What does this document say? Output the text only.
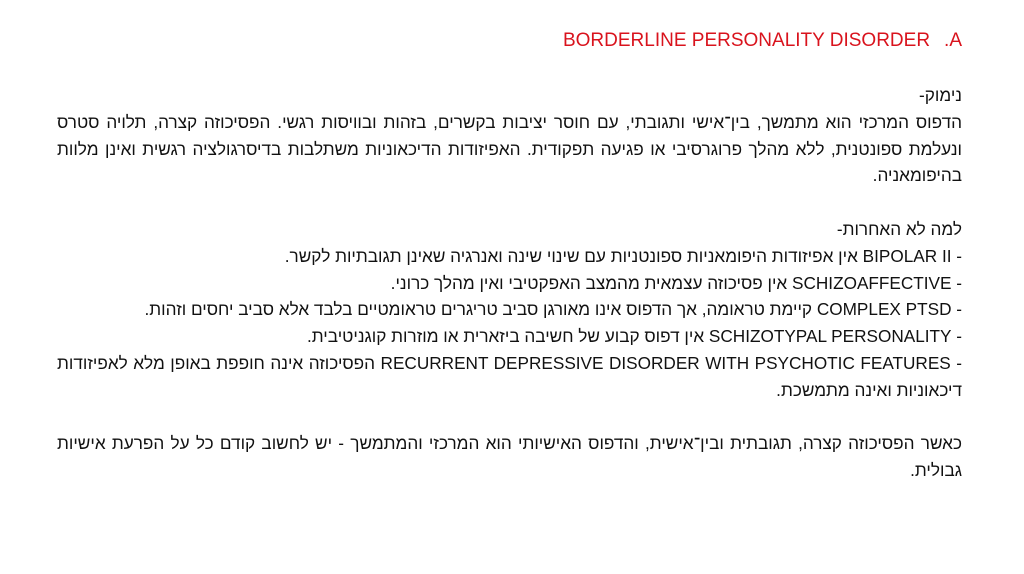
BORDERLINE PERSONALITY DISORDER .A

נימוק-

הדפוס המרכזי הוא מתמשך, בין־אישי ותגובתי, עם חוסר יציבות בקשרים, בזהות ובוויסות רגשי. הפסיכוזה קצרה, תלויה סטרס ונעלמת ספונטנית, ללא מהלך פרוגרסיבי או פגיעה תפקודית. האפיזודות הדיכאוניות משתלבות בדיסרגולציה רגשית ואינן מלוות בהיפומאניה.

למה לא האחרות-

- BIPOLAR II אין אפיזודות היפומאניות ספונטניות עם שינוי שינה ואנרגיה שאינן תגובתיות לקשר.

- SCHIZOAFFECTIVE אין פסיכוזה עצמאית מהמצב האפקטיבי ואין מהלך כרוני.

- COMPLEX PTSD קיימת טראומה, אך הדפוס אינו מאורגן סביב טריגרים טראומטיים בלבד אלא סביב יחסים וזהות.

- SCHIZOTYPAL PERSONALITY אין דפוס קבוע של חשיבה ביזארית או מוזרות קוגניטיבית.

- RECURRENT DEPRESSIVE DISORDER WITH PSYCHOTIC FEATURES הפסיכוזה אינה חופפת באופן מלא לאפיזודות דיכאוניות ואינה מתמשכת.

כאשר הפסיכוזה קצרה, תגובתית ובין־אישית, והדפוס האישיותי הוא המרכזי והמתמשך - יש לחשוב קודם כל על הפרעת אישיות גבולית.
